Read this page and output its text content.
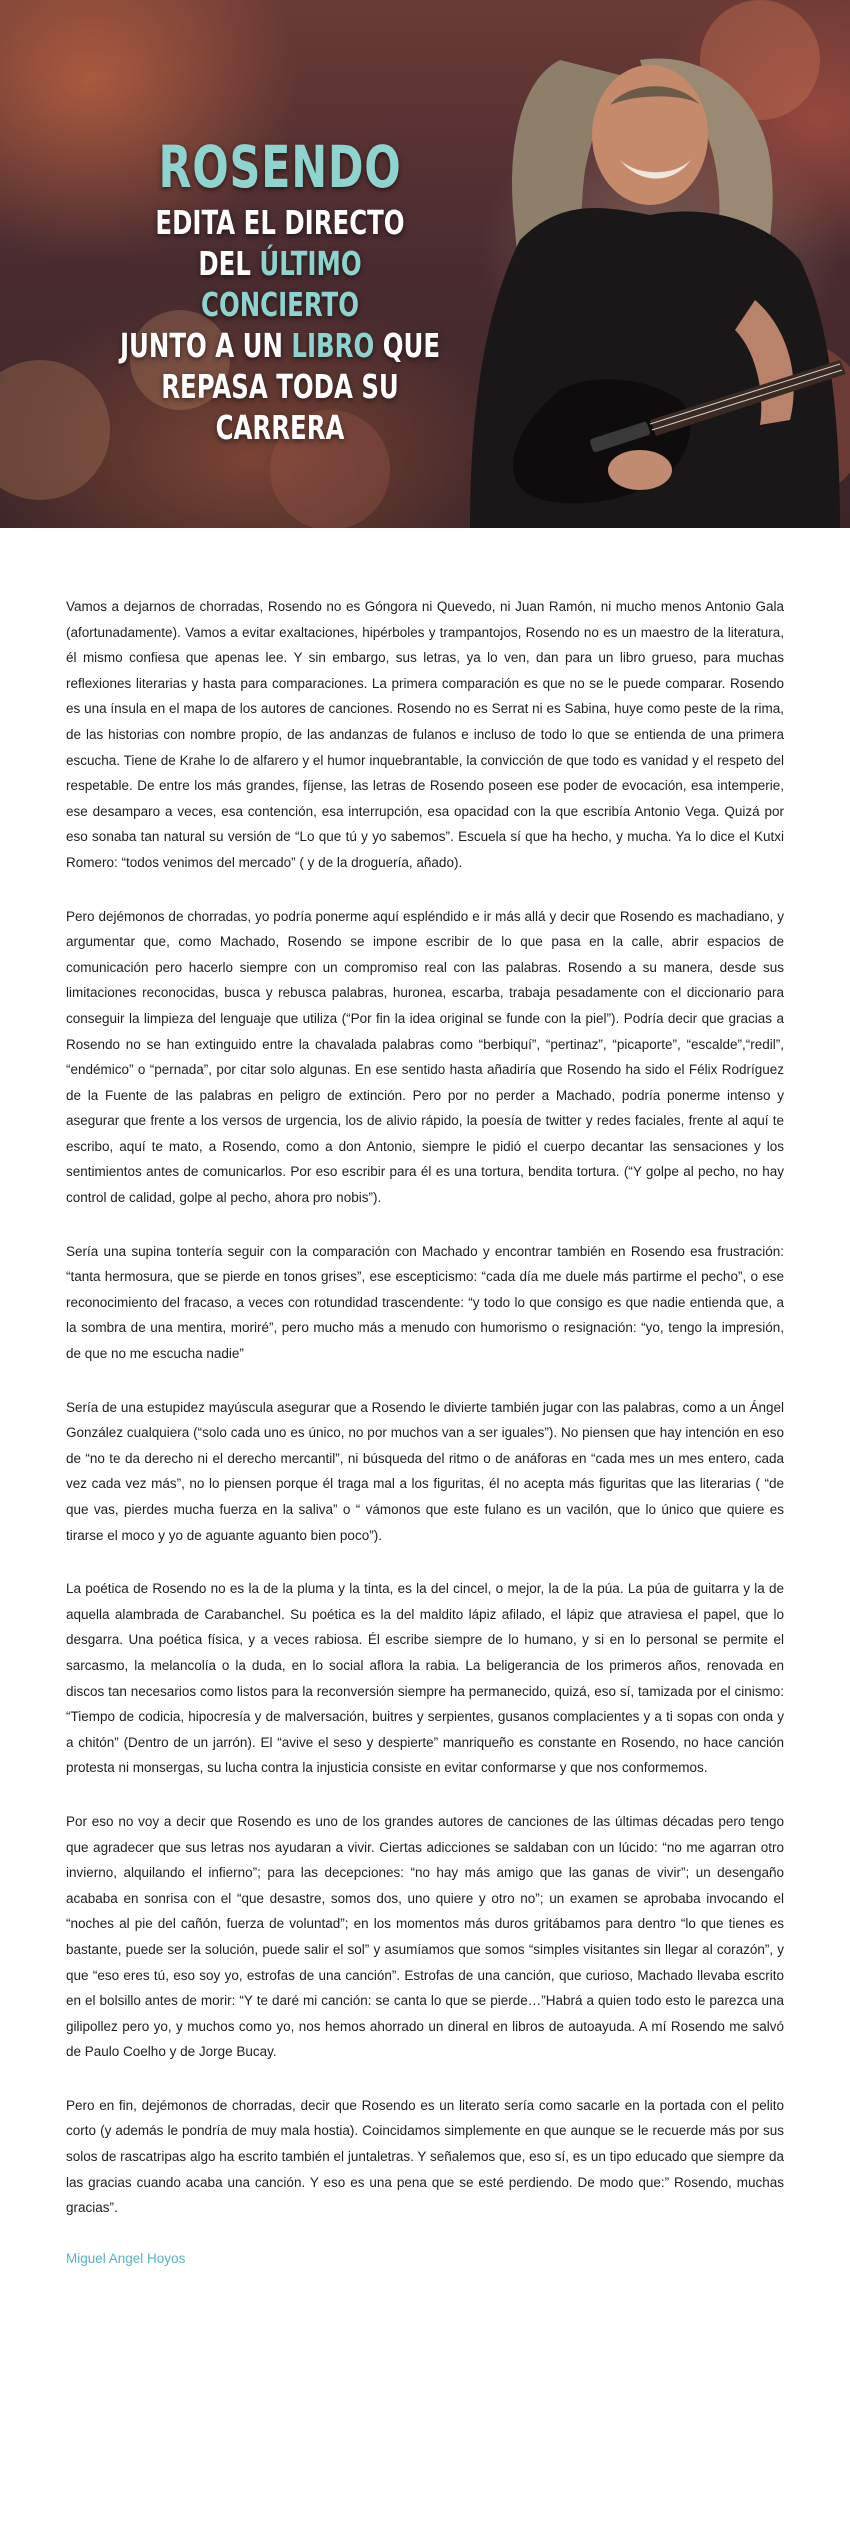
ROSENDO
EDITA EL DIRECTO
DEL ÚLTIMO CONCIERTO
JUNTO A UN LIBRO QUE
REPASA TODA SU CARRERA

Vamos a dejarnos de chorradas, Rosendo no es Góngora ni Quevedo, ni Juan Ramón, ni mucho menos Antonio Gala (afortunadamente). Vamos a evitar exaltaciones, hipérboles y trampantojos, Rosendo no es un maestro de la literatura, él mismo confiesa que apenas lee. Y sin embargo, sus letras, ya lo ven, dan para un libro grueso, para muchas reflexiones literarias y hasta para comparaciones. La primera comparación es que no se le puede comparar. Rosendo es una ínsula en el mapa de los autores de canciones. Rosendo no es Serrat ni es Sabina, huye como peste de la rima, de las historias con nombre propio, de las andanzas de fulanos e incluso de todo lo que se entienda de una primera escucha. Tiene de Krahe lo de alfarero y el humor inquebrantable, la convicción de que todo es vanidad y el respeto del respetable. De entre los más grandes, fíjense, las letras de Rosendo poseen ese poder de evocación, esa intemperie, ese desamparo a veces, esa contención, esa interrupción, esa opacidad con la que escribía Antonio Vega. Quizá por eso sonaba tan natural su versión de “Lo que tú y yo sabemos”. Escuela sí que ha hecho, y mucha. Ya lo dice el Kutxi Romero: “todos venimos del mercado” ( y de la droguería, añado).

Pero dejémonos de chorradas, yo podría ponerme aquí espléndido e ir más allá y decir que Rosendo es machadiano, y argumentar que, como Machado, Rosendo se impone escribir de lo que pasa en la calle, abrir espacios de comunicación pero hacerlo siempre con un compromiso real con las palabras. Rosendo a su manera, desde sus limitaciones reconocidas, busca y rebusca palabras, huronea, escarba, trabaja pesadamente con el diccionario para conseguir la limpieza del lenguaje que utiliza (“Por fin la idea original se funde con la piel”). Podría decir que gracias a Rosendo no se han extinguido entre la chavalada palabras como “berbiquí”, “pertinaz”, “picaporte”, “escalde”,“redil”, “endémico” o “pernada”, por citar solo algunas. En ese sentido hasta añadiría que Rosendo ha sido el Félix Rodríguez de la Fuente de las palabras en peligro de extinción. Pero por no perder a Machado, podría ponerme intenso y asegurar que frente a los versos de urgencia, los de alivio rápido, la poesía de twitter y redes faciales, frente al aquí te escribo, aquí te mato, a Rosendo, como a don Antonio, siempre le pidió el cuerpo decantar las sensaciones y los sentimientos antes de comunicarlos. Por eso escribir para él es una tortura, bendita tortura. (“Y golpe al pecho, no hay control de calidad, golpe al pecho, ahora pro nobis”).

Sería una supina tontería seguir con la comparación con Machado y encontrar también en Rosendo esa frustración: “tanta hermosura, que se pierde en tonos grises”, ese escepticismo: “cada día me duele más partirme el pecho”, o ese reconocimiento del fracaso, a veces con rotundidad trascendente: “y todo lo que consigo es que nadie entienda que, a la sombra de una mentira, moriré”, pero mucho más a menudo con humorismo o resignación: “yo, tengo la impresión, de que no me escucha nadie”

Sería de una estupidez mayúscula asegurar que a Rosendo le divierte también jugar con las palabras, como a un Ángel González cualquiera (“solo cada uno es único, no por muchos van a ser iguales”). No piensen que hay intención en eso de “no te da derecho ni el derecho mercantil”, ni búsqueda del ritmo o de anáforas en “cada mes un mes entero, cada vez cada vez más”, no lo piensen porque él traga mal a los figuritas, él no acepta más figuritas que las literarias ( “de que vas, pierdes mucha fuerza en la saliva” o “ vámonos que este fulano es un vacilón, que lo único que quiere es tirarse el moco y yo de aguante aguanto bien poco”).

La poética de Rosendo no es la de la pluma y la tinta, es la del cincel, o mejor, la de la púa. La púa de guitarra y la de aquella alambrada de Carabanchel. Su poética es la del maldito lápiz afilado, el lápiz que atraviesa el papel, que lo desgarra. Una poética física, y a veces rabiosa. Él escribe siempre de lo humano, y si en lo personal se permite el sarcasmo, la melancolía o la duda, en lo social aflora la rabia. La beligerancia de los primeros años, renovada en discos tan necesarios como listos para la reconversión siempre ha permanecido, quizá, eso sí, tamizada por el cinismo: “Tiempo de codicia, hipocresía y de malversación, buitres y serpientes, gusanos complacientes y a ti sopas con onda y a chitón” (Dentro de un jarrón). El “avive el seso y despierte” manriqueño es constante en Rosendo, no hace canción protesta ni monsergas, su lucha contra la injusticia consiste en evitar conformarse y que nos conformemos.

Por eso no voy a decir que Rosendo es uno de los grandes autores de canciones de las últimas décadas pero tengo que agradecer que sus letras nos ayudaran a vivir. Ciertas adicciones se saldaban con un lúcido: “no me agarran otro invierno, alquilando el infierno”; para las decepciones: “no hay más amigo que las ganas de vivir”; un desengaño acababa en sonrisa con el “que desastre, somos dos, uno quiere y otro no”; un examen se aprobaba invocando el “noches al pie del cañón, fuerza de voluntad”; en los momentos más duros gritábamos para dentro “lo que tienes es bastante, puede ser la solución, puede salir el sol” y asumíamos que somos “simples visitantes sin llegar al corazón”, y que “eso eres tú, eso soy yo, estrofas de una canción”. Estrofas de una canción, que curioso, Machado llevaba escrito en el bolsillo antes de morir: “Y te daré mi canción: se canta lo que se pierde…”Habrá a quien todo esto le parezca una gilipollez pero yo, y muchos como yo, nos hemos ahorrado un dineral en libros de autoayuda. A mí Rosendo me salvó de Paulo Coelho y de Jorge Bucay.

Pero en fin, dejémonos de chorradas, decir que Rosendo es un literato sería como sacarle en la portada con el pelito corto (y además le pondría de muy mala hostia). Coincidamos simplemente en que aunque se le recuerde más por sus solos de rascatripas algo ha escrito también el juntaletras. Y señalemos que, eso sí, es un tipo educado que siempre da las gracias cuando acaba una canción. Y eso es una pena que se esté perdiendo. De modo que:” Rosendo, muchas gracias”.

Miguel Angel Hoyos
